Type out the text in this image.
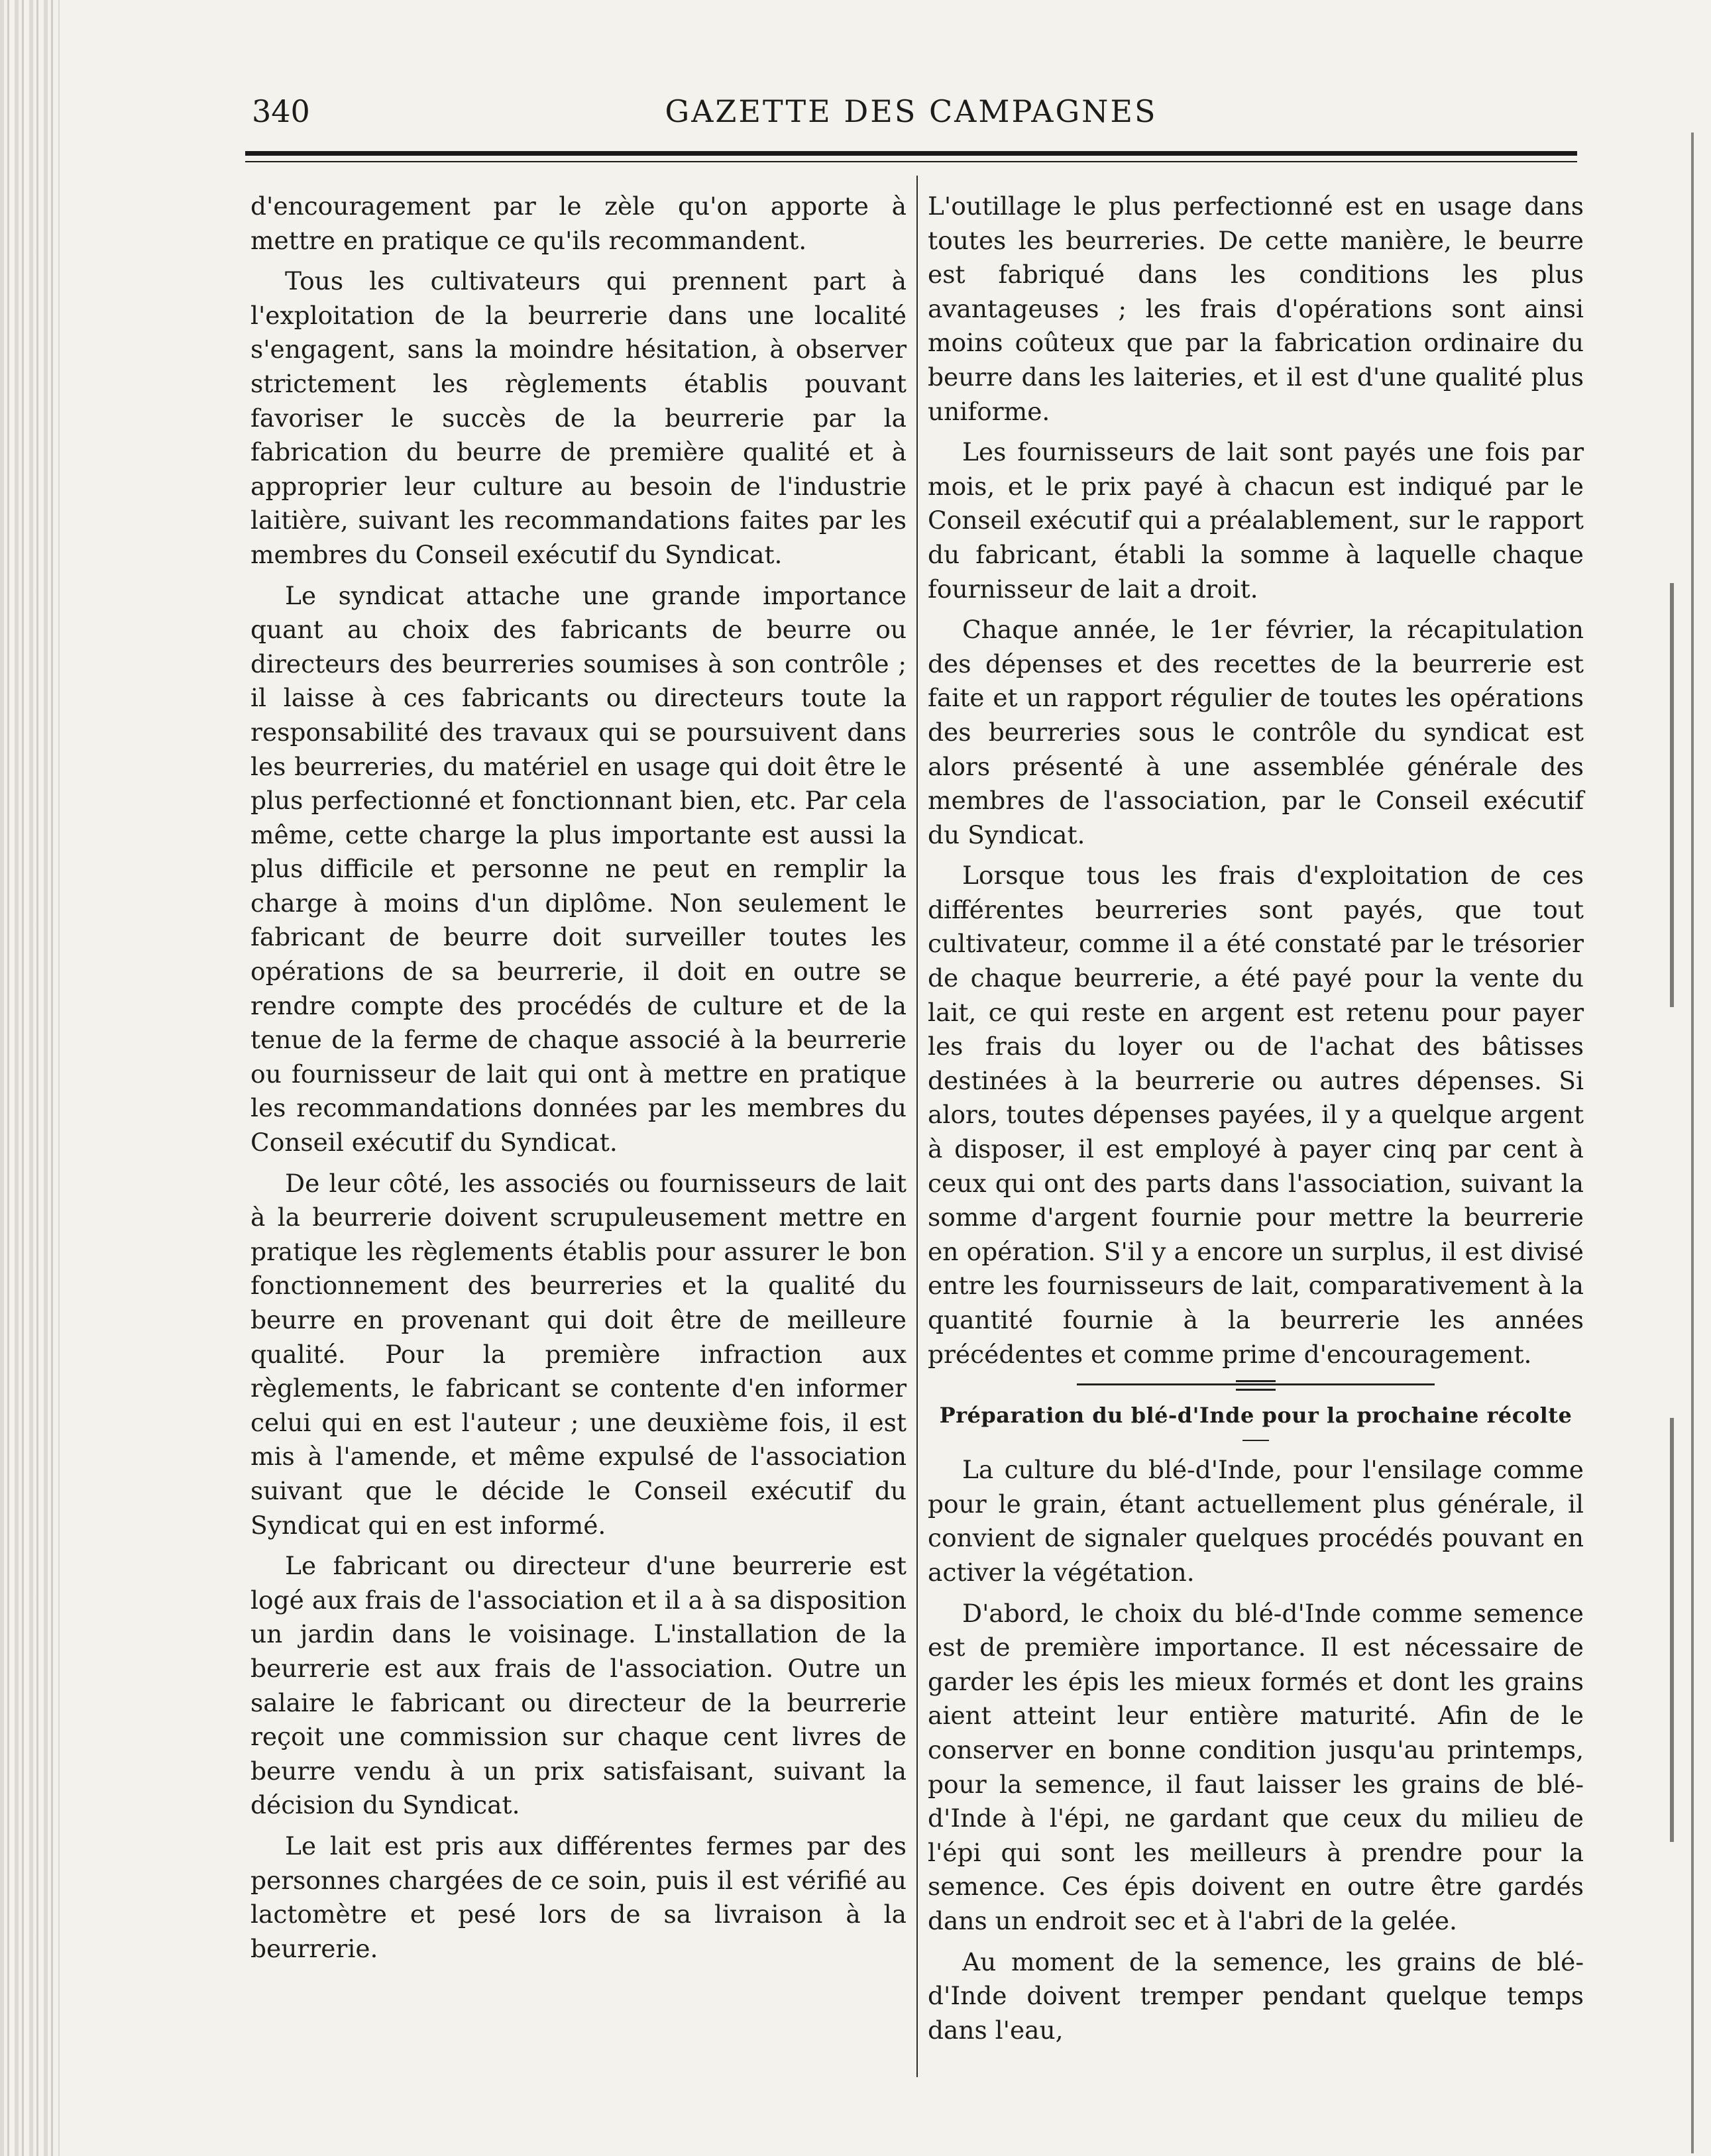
340	GAZETTE DES CAMPAGNES

d'encouragement par le zèle qu'on apporte à mettre en pratique ce qu'ils recommandent.

Tous les cultivateurs qui prennent part à l'exploitation de la beurrerie dans une localité s'engagent, sans la moindre hésitation, à observer strictement les règlements établis pouvant favoriser le succès de la beurrerie par la fabrication du beurre de première qualité et à approprier leur culture au besoin de l'industrie laitière, suivant les recommandations faites par les membres du Conseil exécutif du Syndicat.

Le syndicat attache une grande importance quant au choix des fabricants de beurre ou directeurs des beurreries soumises à son contrôle ; il laisse à ces fabricants ou directeurs toute la responsabilité des travaux qui se poursuivent dans les beurreries, du matériel en usage qui doit être le plus perfectionné et fonctionnant bien, etc. Par cela même, cette charge la plus importante est aussi la plus difficile et personne ne peut en remplir la charge à moins d'un diplôme. Non seulement le fabricant de beurre doit surveiller toutes les opérations de sa beurrerie, il doit en outre se rendre compte des procédés de culture et de la tenue de la ferme de chaque associé à la beurrerie ou fournisseur de lait qui ont à mettre en pratique les recommandations données par les membres du Conseil exécutif du Syndicat.

De leur côté, les associés ou fournisseurs de lait à la beurrerie doivent scrupuleusement mettre en pratique les règlements établis pour assurer le bon fonctionnement des beurreries et la qualité du beurre en provenant qui doit être de meilleure qualité. Pour la première infraction aux règlements, le fabricant se contente d'en informer celui qui en est l'auteur ; une deuxième fois, il est mis à l'amende, et même expulsé de l'association suivant que le décide le Conseil exécutif du Syndicat qui en est informé.

Le fabricant ou directeur d'une beurrerie est logé aux frais de l'association et il a à sa disposition un jardin dans le voisinage. L'installation de la beurrerie est aux frais de l'association. Outre un salaire le fabricant ou directeur de la beurrerie reçoit une commission sur chaque cent livres de beurre vendu à un prix satisfaisant, suivant la décision du Syndicat.

Le lait est pris aux différentes fermes par des personnes chargées de ce soin, puis il est vérifié au lactomètre et pesé lors de sa livraison à la beurrerie.

L'outillage le plus perfectionné est en usage dans toutes les beurreries. De cette manière, le beurre est fabriqué dans les conditions les plus avantageuses ; les frais d'opérations sont ainsi moins coûteux que par la fabrication ordinaire du beurre dans les laiteries, et il est d'une qualité plus uniforme.

Les fournisseurs de lait sont payés une fois par mois, et le prix payé à chacun est indiqué par le Conseil exécutif qui a préalablement, sur le rapport du fabricant, établi la somme à laquelle chaque fournisseur de lait a droit.

Chaque année, le 1er février, la récapitulation des dépenses et des recettes de la beurrerie est faite et un rapport régulier de toutes les opérations des beurreries sous le contrôle du syndicat est alors présenté à une assemblée générale des membres de l'association, par le Conseil exécutif du Syndicat.

Lorsque tous les frais d'exploitation de ces différentes beurreries sont payés, que tout cultivateur, comme il a été constaté par le trésorier de chaque beurrerie, a été payé pour la vente du lait, ce qui reste en argent est retenu pour payer les frais du loyer ou de l'achat des bâtisses destinées à la beurrerie ou autres dépenses. Si alors, toutes dépenses payées, il y a quelque argent à disposer, il est employé à payer cinq par cent à ceux qui ont des parts dans l'association, suivant la somme d'argent fournie pour mettre la beurrerie en opération. S'il y a encore un surplus, il est divisé entre les fournisseurs de lait, comparativement à la quantité fournie à la beurrerie les années précédentes et comme prime d'encouragement.

Préparation du blé-d'Inde pour la prochaine récolte

La culture du blé-d'Inde, pour l'ensilage comme pour le grain, étant actuellement plus générale, il convient de signaler quelques procédés pouvant en activer la végétation.

D'abord, le choix du blé-d'Inde comme semence est de première importance. Il est nécessaire de garder les épis les mieux formés et dont les grains aient atteint leur entière maturité. Afin de le conserver en bonne condition jusqu'au printemps, pour la semence, il faut laisser les grains de blé-d'Inde à l'épi, ne gardant que ceux du milieu de l'épi qui sont les meilleurs à prendre pour la semence. Ces épis doivent en outre être gardés dans un endroit sec et à l'abri de la gelée.

Au moment de la semence, les grains de blé-d'Inde doivent tremper pendant quelque temps dans l'eau,
